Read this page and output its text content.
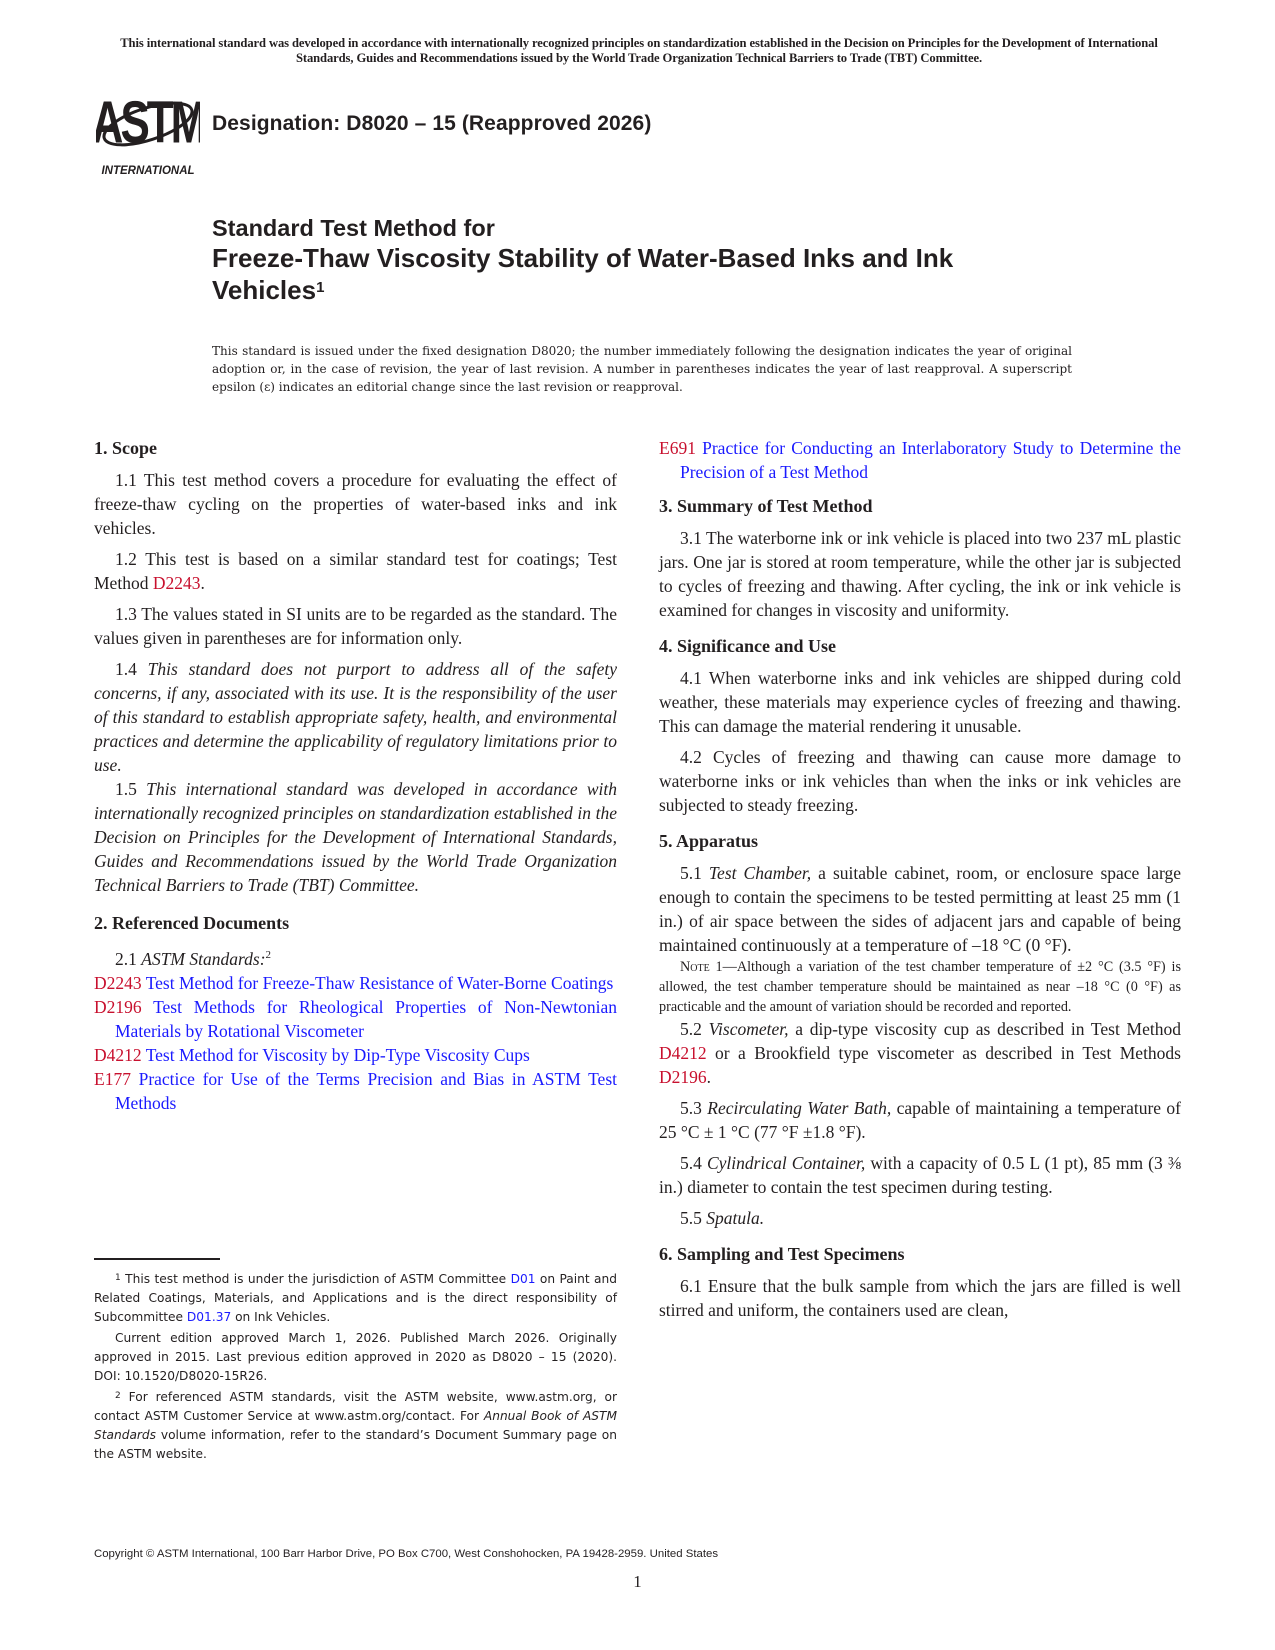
This international standard was developed in accordance with internationally recognized principles on standardization established in the Decision on Principles for the Development of International Standards, Guides and Recommendations issued by the World Trade Organization Technical Barriers to Trade (TBT) Committee.
ASTM
INTERNATIONAL
Designation: D8020 – 15 (Reapproved 2026)
Standard Test Method for
Freeze-Thaw Viscosity Stability of Water-Based Inks and Ink Vehicles$^1$
This standard is issued under the fixed designation D8020; the number immediately following the designation indicates the year of original adoption or, in the case of revision, the year of last revision. A number in parentheses indicates the year of last reapproval. A superscript epsilon (ε) indicates an editorial change since the last revision or reapproval.
1. Scope

1.1 This test method covers a procedure for evaluating the effect of freeze-thaw cycling on the properties of water-based inks and ink vehicles.

1.2 This test is based on a similar standard test for coatings; Test Method D2243.

1.3 The values stated in SI units are to be regarded as the standard. The values given in parentheses are for information only.

1.4 This standard does not purport to address all of the safety concerns, if any, associated with its use. It is the responsibility of the user of this standard to establish appropriate safety, health, and environmental practices and determine the applicability of regulatory limitations prior to use.

1.5 This international standard was developed in accordance with internationally recognized principles on standardization established in the Decision on Principles for the Development of International Standards, Guides and Recommendations issued by the World Trade Organization Technical Barriers to Trade (TBT) Committee.

2. Referenced Documents

2.1 ASTM Standards:$^2$

D2243 Test Method for Freeze-Thaw Resistance of Water-Borne Coatings

D2196 Test Methods for Rheological Properties of Non-Newtonian Materials by Rotational Viscometer

D4212 Test Method for Viscosity by Dip-Type Viscosity Cups

E177 Practice for Use of the Terms Precision and Bias in ASTM Test Methods

$^1$ This test method is under the jurisdiction of ASTM Committee D01 on Paint and Related Coatings, Materials, and Applications and is the direct responsibility of Subcommittee D01.37 on Ink Vehicles.

Current edition approved March 1, 2026. Published March 2026. Originally approved in 2015. Last previous edition approved in 2020 as D8020 – 15 (2020). DOI: 10.1520/D8020-15R26.

$^2$ For referenced ASTM standards, visit the ASTM website, www.astm.org, or contact ASTM Customer Service at www.astm.org/contact. For Annual Book of ASTM Standards volume information, refer to the standard’s Document Summary page on the ASTM website.

E691 Practice for Conducting an Interlaboratory Study to Determine the Precision of a Test Method

3. Summary of Test Method

3.1 The waterborne ink or ink vehicle is placed into two 237 mL plastic jars. One jar is stored at room temperature, while the other jar is subjected to cycles of freezing and thawing. After cycling, the ink or ink vehicle is examined for changes in viscosity and uniformity.

4. Significance and Use

4.1 When waterborne inks and ink vehicles are shipped during cold weather, these materials may experience cycles of freezing and thawing. This can damage the material rendering it unusable.

4.2 Cycles of freezing and thawing can cause more damage to waterborne inks or ink vehicles than when the inks or ink vehicles are subjected to steady freezing.

5. Apparatus

5.1 Test Chamber, a suitable cabinet, room, or enclosure space large enough to contain the specimens to be tested permitting at least 25 mm (1 in.) of air space between the sides of adjacent jars and capable of being maintained continuously at a temperature of –18 °C (0 °F).

Note 1—Although a variation of the test chamber temperature of ±2 °C (3.5 °F) is allowed, the test chamber temperature should be maintained as near –18 °C (0 °F) as practicable and the amount of variation should be recorded and reported.

5.2 Viscometer, a dip-type viscosity cup as described in Test Method D4212 or a Brookfield type viscometer as described in Test Methods D2196.

5.3 Recirculating Water Bath, capable of maintaining a temperature of 25 °C ± 1 °C (77 °F ±1.8 °F).

5.4 Cylindrical Container, with a capacity of 0.5 L (1 pt), 85 mm (3 ⅜ in.) diameter to contain the test specimen during testing.

5.5 Spatula.

6. Sampling and Test Specimens

6.1 Ensure that the bulk sample from which the jars are filled is well stirred and uniform, the containers used are clean,

Copyright © ASTM International, 100 Barr Harbor Drive, PO Box C700, West Conshohocken, PA 19428-2959. United States
1
